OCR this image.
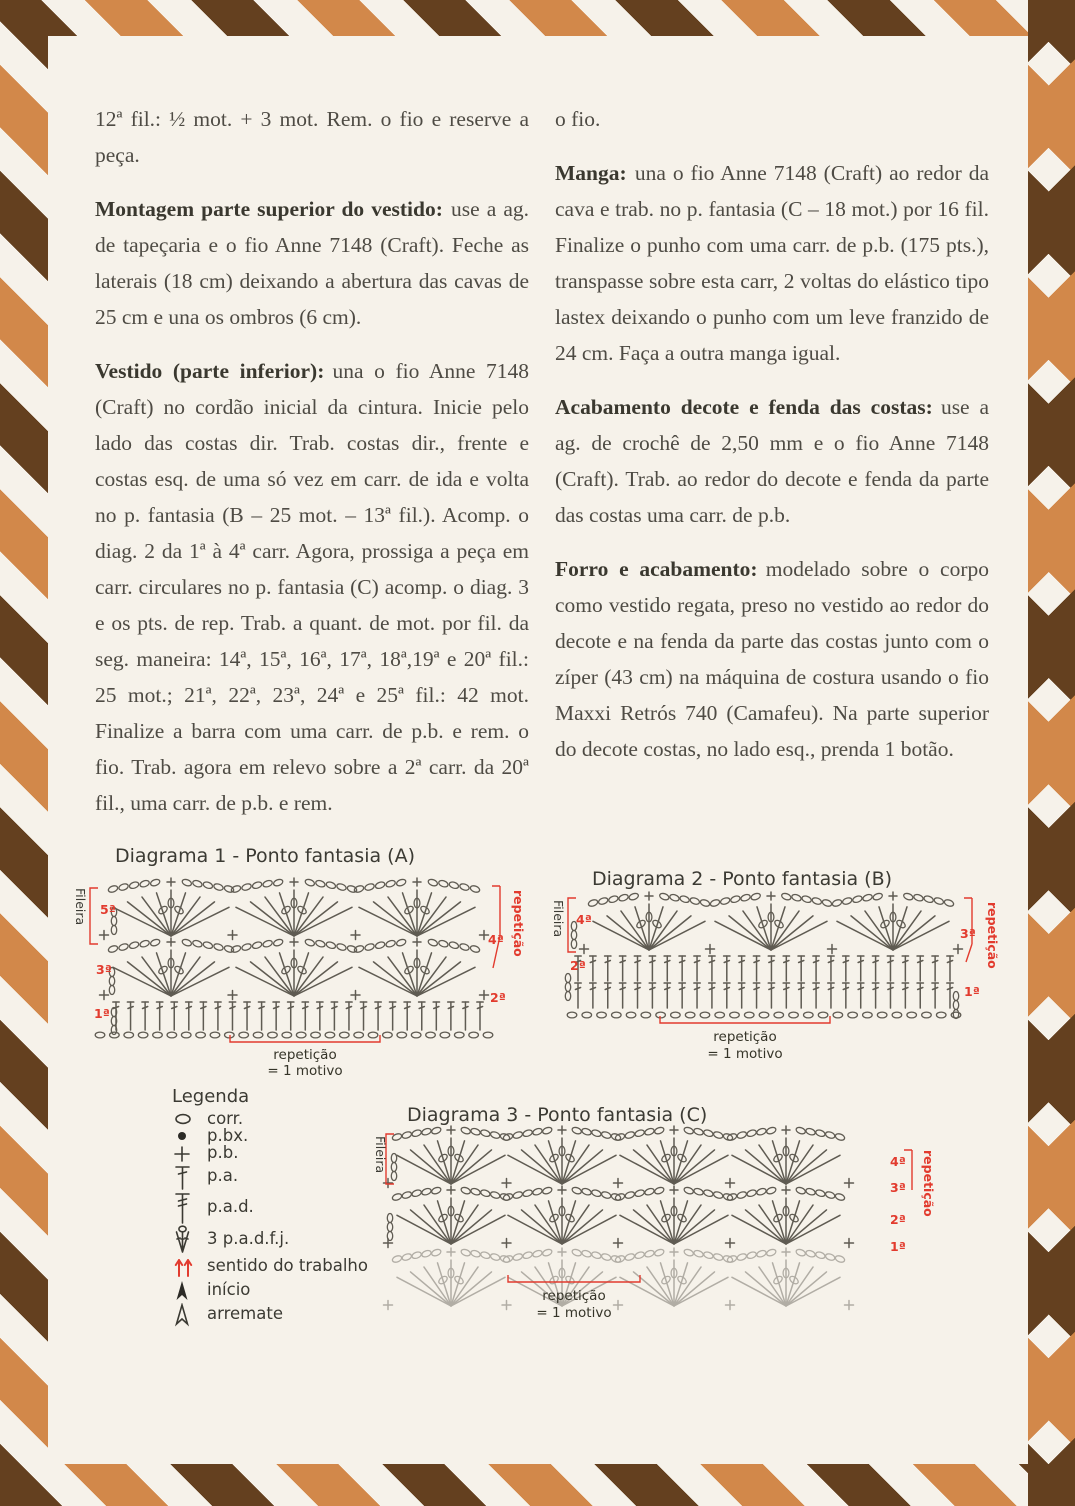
12ª fil.: ½ mot. + 3 mot. Rem. o fio e reserve a peça.

Montagem parte superior do vestido: use a ag. de tapeçaria e o fio Anne 7148 (Craft). Feche as laterais (18 cm) deixando a abertura das cavas de 25 cm e una os ombros (6 cm).

Vestido (parte inferior): una o fio Anne 7148 (Craft) no cordão inicial da cintura. Inicie pelo lado das costas dir. Trab. costas dir., frente e costas esq. de uma só vez em carr. de ida e volta no p. fantasia (B – 25 mot. – 13ª fil.). Acomp. o diag. 2 da 1ª à 4ª carr. Agora, prossiga a peça em carr. circulares no p. fantasia (C) acomp. o diag. 3 e os pts. de rep. Trab. a quant. de mot. por fil. da seg. maneira: 14ª, 15ª, 16ª, 17ª, 18ª,19ª e 20ª fil.: 25 mot.; 21ª, 22ª, 23ª, 24ª e 25ª fil.: 42 mot. Finalize a barra com uma carr. de p.b. e rem. o fio. Trab. agora em relevo sobre a 2ª carr. da 20ª fil., uma carr. de p.b. e rem.

o fio.

Manga: una o fio Anne 7148 (Craft) ao redor da cava e trab. no p. fantasia (C – 18 mot.) por 16 fil. Finalize o punho com uma carr. de p.b. (175 pts.), transpasse sobre esta carr, 2 voltas do elástico tipo lastex deixando o punho com um leve franzido de 24 cm. Faça a outra manga igual.

Acabamento decote e fenda das costas: use a ag. de crochê de 2,50 mm e o fio Anne 7148 (Craft). Trab. ao redor do decote e fenda da parte das costas uma carr. de p.b.

Forro e acabamento: modelado sobre o corpo como vestido regata, preso no vestido ao redor do decote e na fenda da parte das costas junto com o zíper (43 cm) na máquina de costura usando o fio Maxxi Retrós 740 (Camafeu). Na parte superior do decote costas, no lado esq., prenda 1 botão.

Diagrama 1 - Ponto fantasia (A)
Fileira	repetição
5ª
3ª
1ª
4ª
2ª
repetição
= 1 motivo
Diagrama 2 - Ponto fantasia (B)
Fileira	repetição
4ª
2ª
3ª
1ª
repetição
= 1 motivo
Diagrama 3 - Ponto fantasia (C)
Fileira	repetição
4ª
3ª
2ª
1ª
repetição
= 1 motivo
Legenda
corr.
p.bx.
p.b.
p.a.
p.a.d.
3 p.a.d.f.j.
sentido do trabalho
início
arremate
